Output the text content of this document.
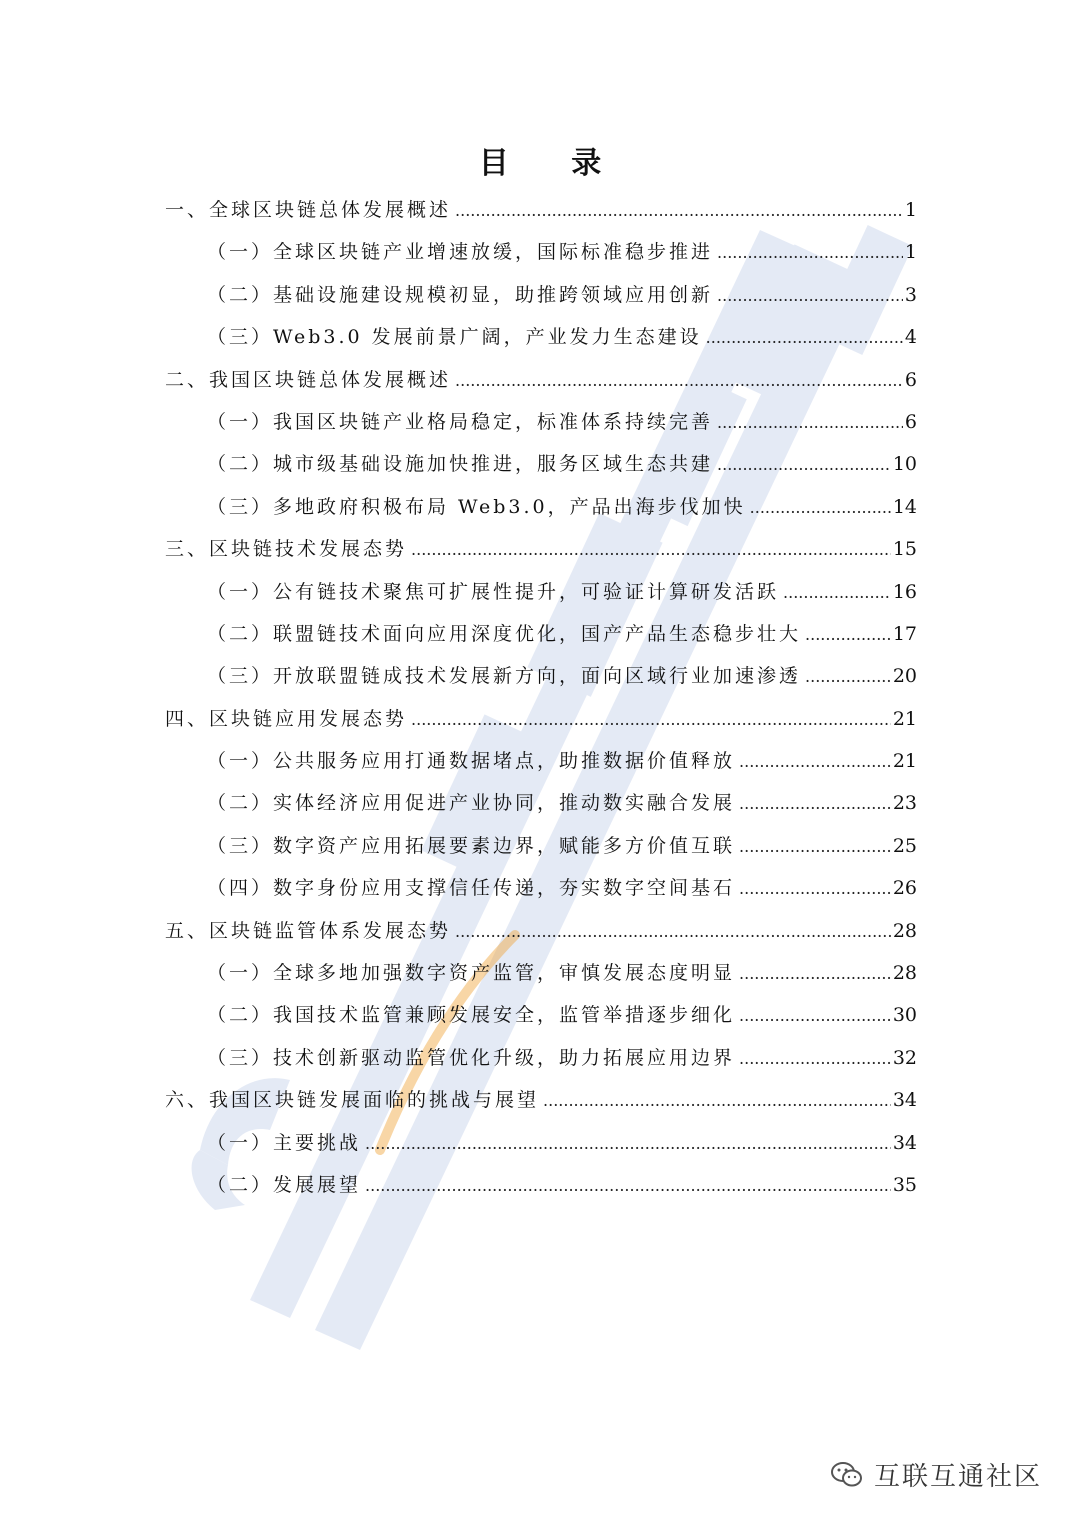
目 录
一、全球区块链总体发展概述 .....	1
（一）全球区块链产业增速放缓，国际标准稳步推进 .....	1
（二）基础设施建设规模初显，助推跨领域应用创新 .....	3
（三）Web3.0 发展前景广阔，产业发力生态建设 .....	4
二、我国区块链总体发展概述 .....	6
（一）我国区块链产业格局稳定，标准体系持续完善 .....	6
（二）城市级基础设施加快推进，服务区域生态共建 .....	10
（三）多地政府积极布局 Web3.0，产品出海步伐加快 .....	14
三、区块链技术发展态势 .....	15
（一）公有链技术聚焦可扩展性提升，可验证计算研发活跃 .....	16
（二）联盟链技术面向应用深度优化，国产产品生态稳步壮大 .....	17
（三）开放联盟链成技术发展新方向，面向区域行业加速渗透 .....	20
四、区块链应用发展态势 .....	21
（一）公共服务应用打通数据堵点，助推数据价值释放 .....	21
（二）实体经济应用促进产业协同，推动数实融合发展 .....	23
（三）数字资产应用拓展要素边界，赋能多方价值互联 .....	25
（四）数字身份应用支撑信任传递，夯实数字空间基石 .....	26
五、区块链监管体系发展态势 .....	28
（一）全球多地加强数字资产监管，审慎发展态度明显 .....	28
（二）我国技术监管兼顾发展安全，监管举措逐步细化 .....	30
（三）技术创新驱动监管优化升级，助力拓展应用边界 .....	32
六、我国区块链发展面临的挑战与展望 .....	34
（一）主要挑战 .....	34
（二）发展展望 .....	35
互联互通社区
